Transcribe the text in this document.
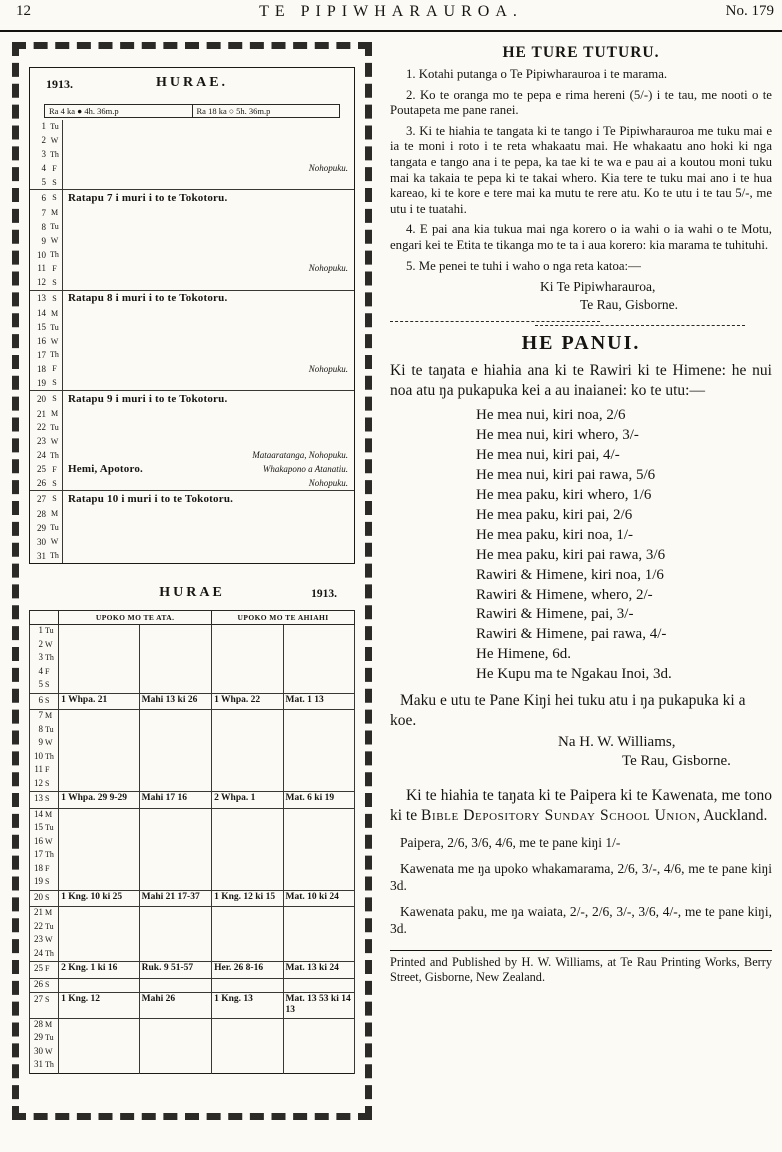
12	TE PIPIWHARAUROA.	No. 179
1913.	HURAE.
Ra 4 ka ● 4h. 36m.p	Ra 18 ka ○ 5h. 36m.p
1 Tu
2 W
3 Th
4 F	Nohopuku.
5 S
6 S	Ratapu 7 i muri i to te Tokotoru.
7 M
8 Tu
9 W
10 Th
11 F	Nohopuku.
12 S
13 S	Ratapu 8 i muri i to te Tokotoru.
14 M
15 Tu
16 W
17 Th
18 F	Nohopuku.
19 S
20 S	Ratapu 9 i muri i to te Tokotoru.
21 M
22 Tu
23 W
24 Th	Mataaratanga, Nohopuku.
25 F	Hemi, Apotoro.	Whakapono a Atanatiu.
26 S	Nohopuku.
27 S	Ratapu 10 i muri i to te Tokotoru.
28 M
29 Tu
30 W
31 Th
HURAE	1913.
	UPOKO MO TE ATA.		UPOKO MO TE AHIAHI	
1 Tu				
2 W				
3 Th				
4 F				
5 S				
6 S	1 Whpa. 21	Mahi 13 ki 26	1 Whpa. 22	Mat. 1 13
7 M				
8 Tu				
9 W				
10 Th				
11 F				
12 S				
13 S	1 Whpa. 29 9-29	Mahi 17 16	2 Whpa. 1	Mat. 6 ki 19
14 M				
15 Tu				
16 W				
17 Th				
18 F				
19 S				
20 S	1 Kng. 10 ki 25	Mahi 21 17-37	1 Kng. 12 ki 15	Mat. 10 ki 24
21 M				
22 Tu				
23 W				
24 Th				
25 F	2 Kng. 1 ki 16	Ruk. 9 51-57	Her. 26 8-16	Mat. 13 ki 24
26 S				
27 S	1 Kng. 12	Mahi 26	1 Kng. 13	Mat. 13 53 ki 14 13
28 M				
29 Tu				
30 W				
31 Th				
HE TURE TUTURU.

1. Kotahi putanga o Te Pipiwharauroa i te marama.

2. Ko te oranga mo te pepa e rima hereni (5/-) i te tau, me nooti o te Poutapeta me pane ranei.

3. Ki te hiahia te tangata ki te tango i Te Pipiwharauroa me tuku mai e ia te moni i roto i te reta whakaatu mai. He whakaatu ano hoki ki nga tangata e tango ana i te pepa, ka tae ki te wa e pau ai a koutou moni tuku mai ka takaia te pepa ki te takai whero. Kia tere te tuku mai ano i te hua kareao, ki te kore e tere mai ka mutu te rere atu. Ko te utu i te tau 5/-, me utu i te tuatahi.

4. E pai ana kia tukua mai nga korero o ia wahi o ia wahi o te Motu, engari kei te Etita te tikanga mo te ta i aua korero: kia marama te tuhituhi.

5. Me penei te tuhi i waho o nga reta katoa:—

Ki Te Pipiwharauroa,
Te Rau, Gisborne.
HE PANUI.

Ki te taŋata e hiahia ana ki te Rawiri ki te Himene: he nui noa atu ŋa pukapuka kei a au inaianei: ko te utu:—

He mea nui, kiri noa, 2/6
He mea nui, kiri whero, 3/-
He mea nui, kiri pai, 4/-
He mea nui, kiri pai rawa, 5/6
He mea paku, kiri whero, 1/6
He mea paku, kiri pai, 2/6
He mea paku, kiri noa, 1/-
He mea paku, kiri pai rawa, 3/6
Rawiri & Himene, kiri noa, 1/6
Rawiri & Himene, whero, 2/-
Rawiri & Himene, pai, 3/-
Rawiri & Himene, pai rawa, 4/-
He Himene, 6d.
He Kupu ma te Ngakau Inoi, 3d.

Maku e utu te Pane Kiŋi hei tuku atu i ŋa pukapuka ki a koe.

Na H. W. Williams,
Te Rau, Gisborne.

Ki te hiahia te taŋata ki te Paipera ki te Kawenata, me tono ki te Bible Depository Sunday School Union, Auckland.

Paipera, 2/6, 3/6, 4/6, me te pane kiŋi 1/-

Kawenata me ŋa upoko whakamarama, 2/6, 3/-, 4/6, me te pane kiŋi 3d.

Kawenata paku, me ŋa waiata, 2/-, 2/6, 3/-, 3/6, 4/-, me te pane kiŋi, 3d.

Printed and Published by H. W. Williams, at Te Rau Printing Works, Berry Street, Gisborne, New Zealand.
